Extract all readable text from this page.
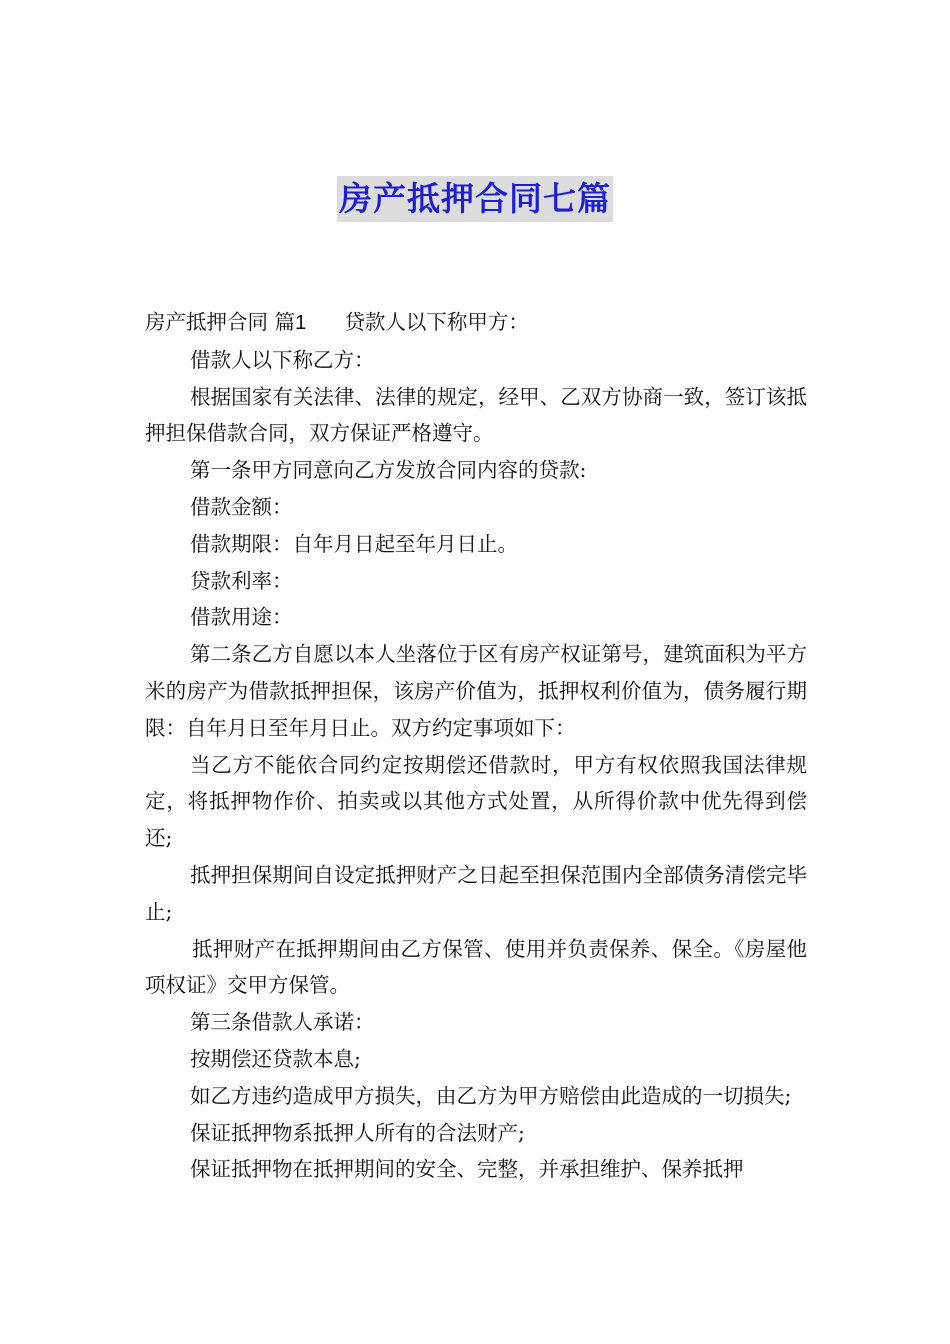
房产抵押合同七篇

房产抵押合同 篇1 贷款人以下称甲方：

借款人以下称乙方：

根据国家有关法律、法律的规定，经甲、乙双方协商一致，签订该抵押担保借款合同，双方保证严格遵守。

第一条甲方同意向乙方发放合同内容的贷款:

借款金额：

借款期限：自年月日起至年月日止。

贷款利率：

借款用途：

第二条乙方自愿以本人坐落位于区有房产权证第号，建筑面积为平方米的房产为借款抵押担保，该房产价值为，抵押权利价值为，债务履行期限：自年月日至年月日止。双方约定事项如下：

当乙方不能依合同约定按期偿还借款时，甲方有权依照我国法律规定，将抵押物作价、拍卖或以其他方式处置，从所得价款中优先得到偿还;

抵押担保期间自设定抵押财产之日起至担保范围内全部债务清偿完毕止;

抵押财产在抵押期间由乙方保管、使用并负责保养、保全。《房屋他项权证》交甲方保管。

第三条借款人承诺：

按期偿还贷款本息;

如乙方违约造成甲方损失，由乙方为甲方赔偿由此造成的一切损失;

保证抵押物系抵押人所有的合法财产;

保证抵押物在抵押期间的安全、完整，并承担维护、保养抵押
